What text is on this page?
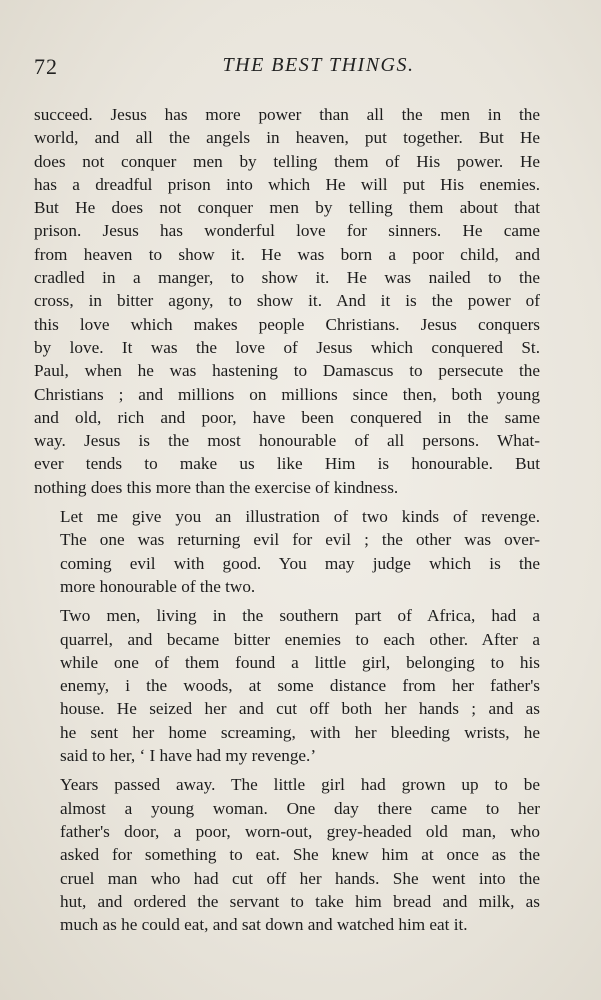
72	THE BEST THINGS.

succeed. Jesus has more power than all the men in the
world, and all the angels in heaven, put together. But He
does not conquer men by telling them of His power. He
has a dreadful prison into which He will put His enemies.
But He does not conquer men by telling them about that
prison. Jesus has wonderful love for sinners. He came
from heaven to show it. He was born a poor child, and
cradled in a manger, to show it. He was nailed to the
cross, in bitter agony, to show it. And it is the power of
this love which makes people Christians. Jesus conquers
by love. It was the love of Jesus which conquered St.
Paul, when he was hastening to Damascus to persecute the
Christians ; and millions on millions since then, both young
and old, rich and poor, have been conquered in the same
way. Jesus is the most honourable of all persons. What-
ever tends to make us like Him is honourable. But
nothing does this more than the exercise of kindness.

Let me give you an illustration of two kinds of revenge.
The one was returning evil for evil ; the other was over-
coming evil with good. You may judge which is the
more honourable of the two.

Two men, living in the southern part of Africa, had a
quarrel, and became bitter enemies to each other. After a
while one of them found a little girl, belonging to his
enemy, i the woods, at some distance from her father's
house. He seized her and cut off both her hands ; and as
he sent her home screaming, with her bleeding wrists, he
said to her, ‘ I have had my revenge.’

Years passed away. The little girl had grown up to be
almost a young woman. One day there came to her
father's door, a poor, worn-out, grey-headed old man, who
asked for something to eat. She knew him at once as the
cruel man who had cut off her hands. She went into the
hut, and ordered the servant to take him bread and milk, as
much as he could eat, and sat down and watched him eat it.
